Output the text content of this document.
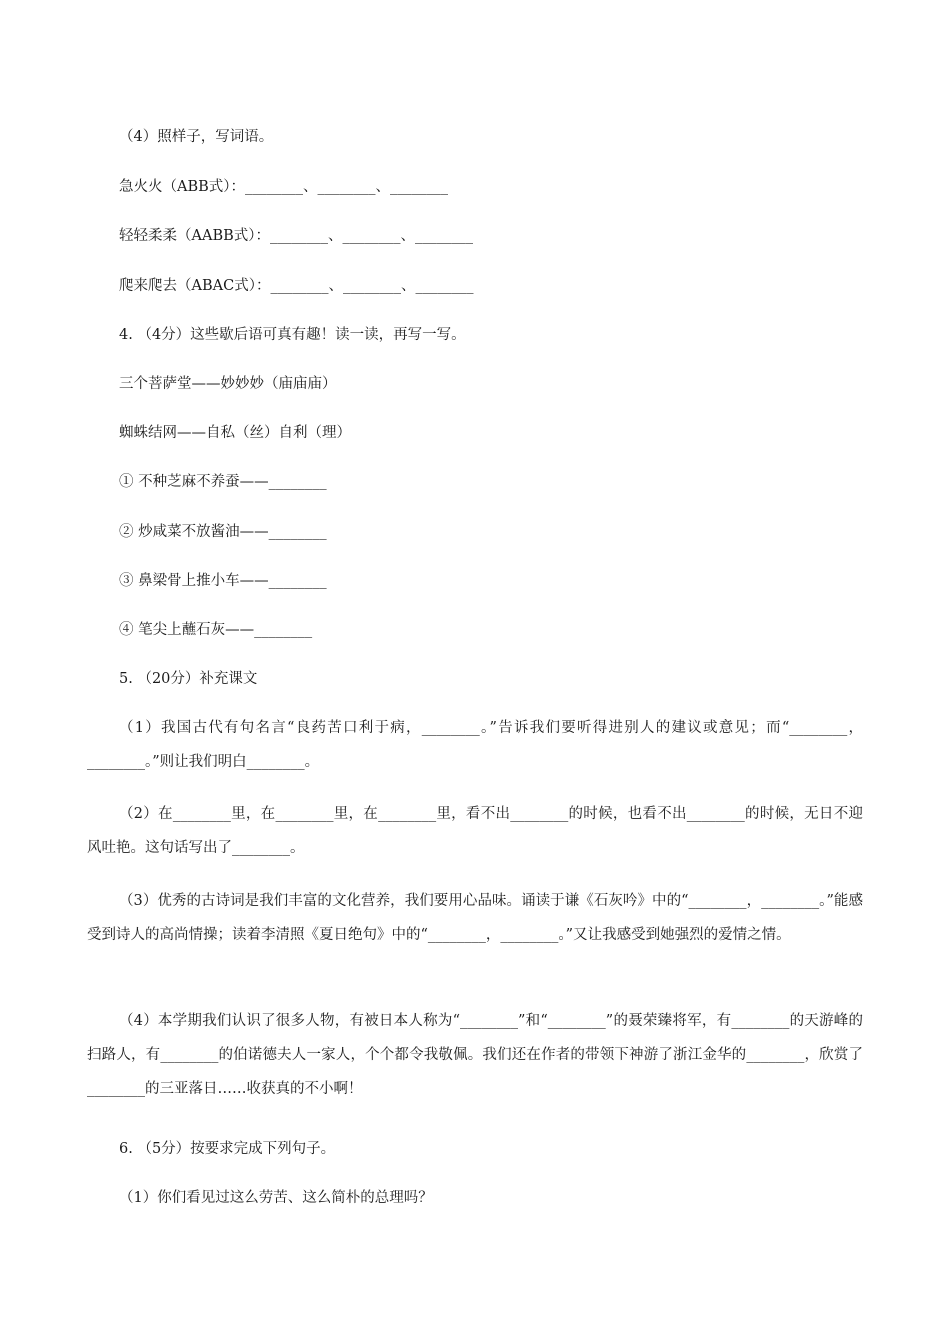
（4）照样子，写词语。
急火火（ABB式）：________、________、________
轻轻柔柔（AABB式）：________、________、________
爬来爬去（ABAC式）：________、________、________
4. （4分）这些歇后语可真有趣！读一读，再写一写。
三个菩萨堂——妙妙妙（庙庙庙）
蜘蛛结网——自私（丝）自利（理）
① 不种芝麻不养蚕——________
② 炒咸菜不放酱油——________
③ 鼻梁骨上推小车——________
④ 笔尖上蘸石灰——________
5. （20分）补充课文
（1）我国古代有句名言“良药苦口利于病，________。”告诉我们要听得进别人的建议或意见；而“________，________。”则让我们明白________。
（2）在________里，在________里，在________里，看不出________的时候，也看不出________的时候，无日不迎风吐艳。这句话写出了________。
（3）优秀的古诗词是我们丰富的文化营养，我们要用心品味。诵读于谦《石灰吟》中的“________，________。”能感受到诗人的高尚情操；读着李清照《夏日绝句》中的“________，________。”又让我感受到她强烈的爱情之情。
（4）本学期我们认识了很多人物，有被日本人称为“________”和“________”的聂荣臻将军，有________的天游峰的扫路人，有________的伯诺德夫人一家人，个个都令我敬佩。我们还在作者的带领下神游了浙江金华的________，欣赏了________的三亚落日……收获真的不小啊！
6. （5分）按要求完成下列句子。
（1）你们看见过这么劳苦、这么简朴的总理吗？
